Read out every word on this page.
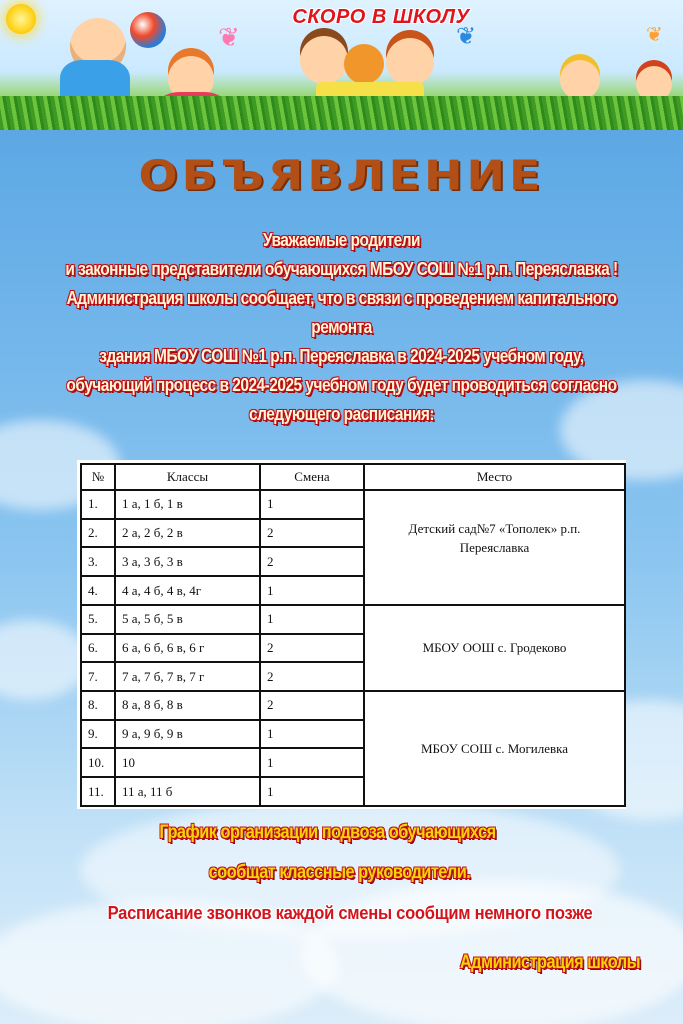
❦	❦	❦
СКОРО В ШКОЛУ
ОБЪЯВЛЕНИЕ
Уважаемые родители
и законные представители обучающихся МБОУ СОШ №1 р.п. Переяславка !
Администрация школы сообщает, что в связи с проведением капитального ремонта
здания МБОУ СОШ №1 р.п. Переяславка в 2024-2025 учебном году,
обучающий процесс в 2024-2025 учебном году будет проводиться согласно
следующего расписания:
№	Классы	Смена	Место
1.	1 а, 1 б, 1 в	1	Детский сад№7 «Тополек» р.п.
Переяславка

2.	2 а, 2 б, 2 в	2	
3.	3 а, 3 б, 3 в	2	
4.	4 а, 4 б, 4 в, 4г	1	
5.	5 а, 5 б, 5 в	1	МБОУ ООШ с. Гродеково
6.	6 а, 6 б, 6 в, 6 г	2	
7.	7 а, 7 б, 7 в, 7 г	2	
8.	8 а, 8 б, 8 в	2	МБОУ СОШ с. Могилевка
9.	9 а, 9 б, 9 в	1	
10.	10	1	
11.	11 а, 11 б	1	
График организации подвоза обучающихся
сообщат классные руководители.
Расписание звонков каждой смены сообщим немного позже
Администрация школы
